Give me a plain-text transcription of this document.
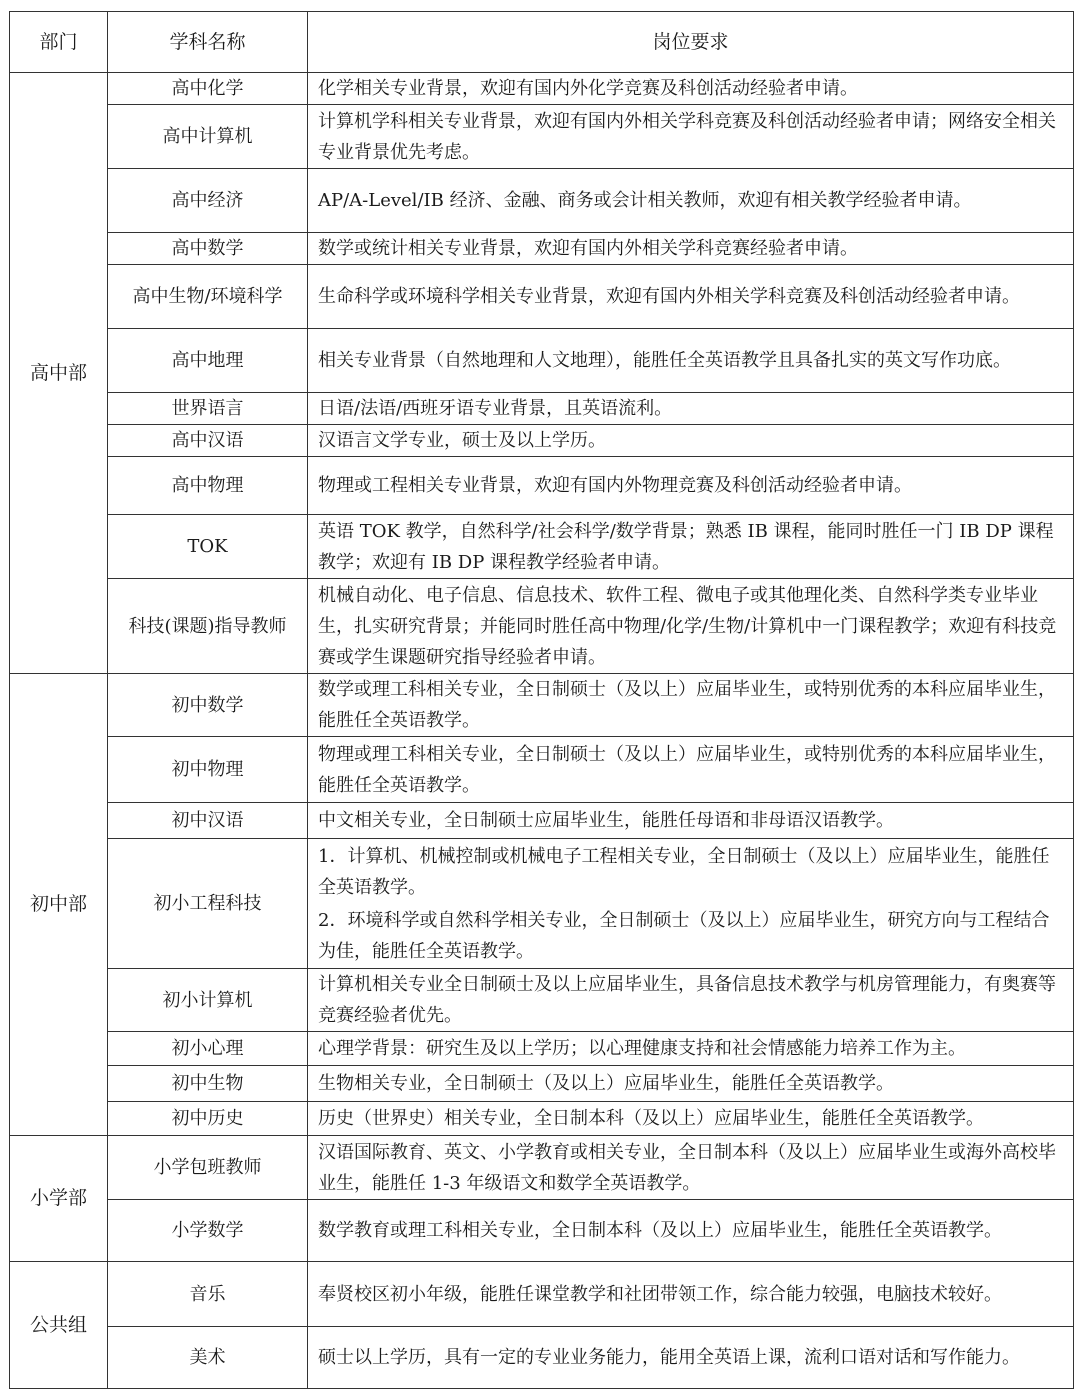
部门	学科名称	岗位要求
高中部	高中化学	化学相关专业背景，欢迎有国内外化学竞赛及科创活动经验者申请。
	高中计算机	计算机学科相关专业背景，欢迎有国内外相关学科竞赛及科创活动经验者申请；网络安全相关专业背景优先考虑。
	高中经济	AP/A-Level/IB 经济、金融、商务或会计相关教师，欢迎有相关教学经验者申请。
	高中数学	数学或统计相关专业背景，欢迎有国内外相关学科竞赛经验者申请。
	高中生物/环境科学	生命科学或环境科学相关专业背景，欢迎有国内外相关学科竞赛及科创活动经验者申请。
	高中地理	相关专业背景（自然地理和人文地理），能胜任全英语教学且具备扎实的英文写作功底。
	世界语言	日语/法语/西班牙语专业背景，且英语流利。
	高中汉语	汉语言文学专业，硕士及以上学历。
	高中物理	物理或工程相关专业背景，欢迎有国内外物理竞赛及科创活动经验者申请。
	TOK	英语 TOK 教学，自然科学/社会科学/数学背景；熟悉 IB 课程，能同时胜任一门 IB DP 课程教学；欢迎有 IB DP 课程教学经验者申请。
	科技(课题)指导教师	机械自动化、电子信息、信息技术、软件工程、微电子或其他理化类、自然科学类专业毕业生，扎实研究背景；并能同时胜任高中物理/化学/生物/计算机中一门课程教学；欢迎有科技竞赛或学生课题研究指导经验者申请。
初中部	初中数学	数学或理工科相关专业，全日制硕士（及以上）应届毕业生，或特别优秀的本科应届毕业生，能胜任全英语教学。
	初中物理	物理或理工科相关专业，全日制硕士（及以上）应届毕业生，或特别优秀的本科应届毕业生，能胜任全英语教学。
	初中汉语	中文相关专业，全日制硕士应届毕业生，能胜任母语和非母语汉语教学。
	初小工程科技	1．计算机、机械控制或机械电子工程相关专业，全日制硕士（及以上）应届毕业生，能胜任全英语教学。
2．环境科学或自然科学相关专业，全日制硕士（及以上）应届毕业生，研究方向与工程结合为佳，能胜任全英语教学。

	初小计算机	计算机相关专业全日制硕士及以上应届毕业生，具备信息技术教学与机房管理能力，有奥赛等竞赛经验者优先。
	初小心理	心理学背景：研究生及以上学历；以心理健康支持和社会情感能力培养工作为主。
	初中生物	生物相关专业，全日制硕士（及以上）应届毕业生，能胜任全英语教学。
	初中历史	历史（世界史）相关专业，全日制本科（及以上）应届毕业生，能胜任全英语教学。
小学部	小学包班教师	汉语国际教育、英文、小学教育或相关专业，全日制本科（及以上）应届毕业生或海外高校毕业生，能胜任 1-3 年级语文和数学全英语教学。
	小学数学	数学教育或理工科相关专业，全日制本科（及以上）应届毕业生，能胜任全英语教学。
公共组	音乐	奉贤校区初小年级，能胜任课堂教学和社团带领工作，综合能力较强，电脑技术较好。
	美术	硕士以上学历，具有一定的专业业务能力，能用全英语上课，流利口语对话和写作能力。
